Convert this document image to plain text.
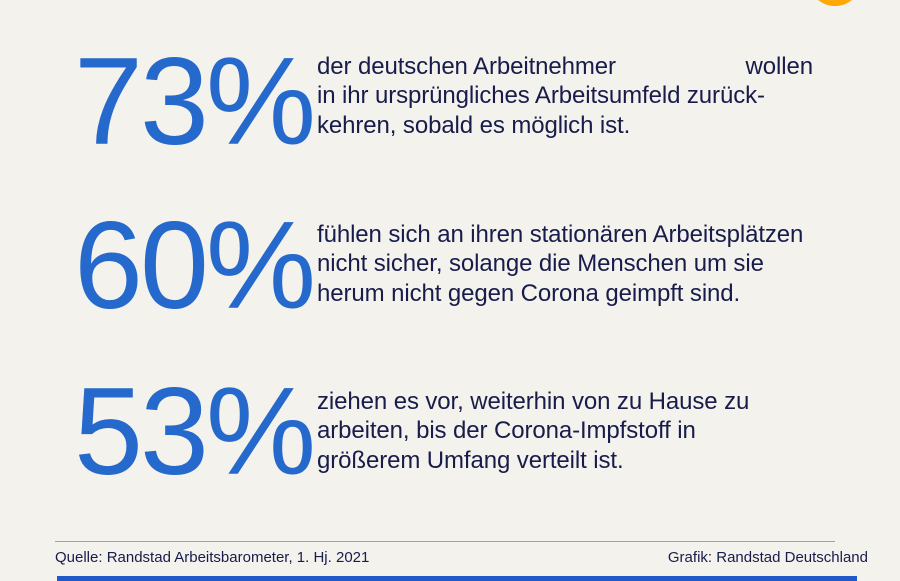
73% der deutschen Arbeitnehmer	wollen
in ihr ursprüngliches Arbeitsumfeld zurück-
kehren, sobald es möglich ist.
60% fühlen sich an ihren stationären Arbeitsplätzen
nicht sicher, solange die Menschen um sie
herum nicht gegen Corona geimpft sind.
53% ziehen es vor, weiterhin von zu Hause zu
arbeiten, bis der Corona-Impfstoff in
größerem Umfang verteilt ist.
Quelle: Randstad Arbeitsbarometer, 1. Hj. 2021	Grafik: Randstad Deutschland
